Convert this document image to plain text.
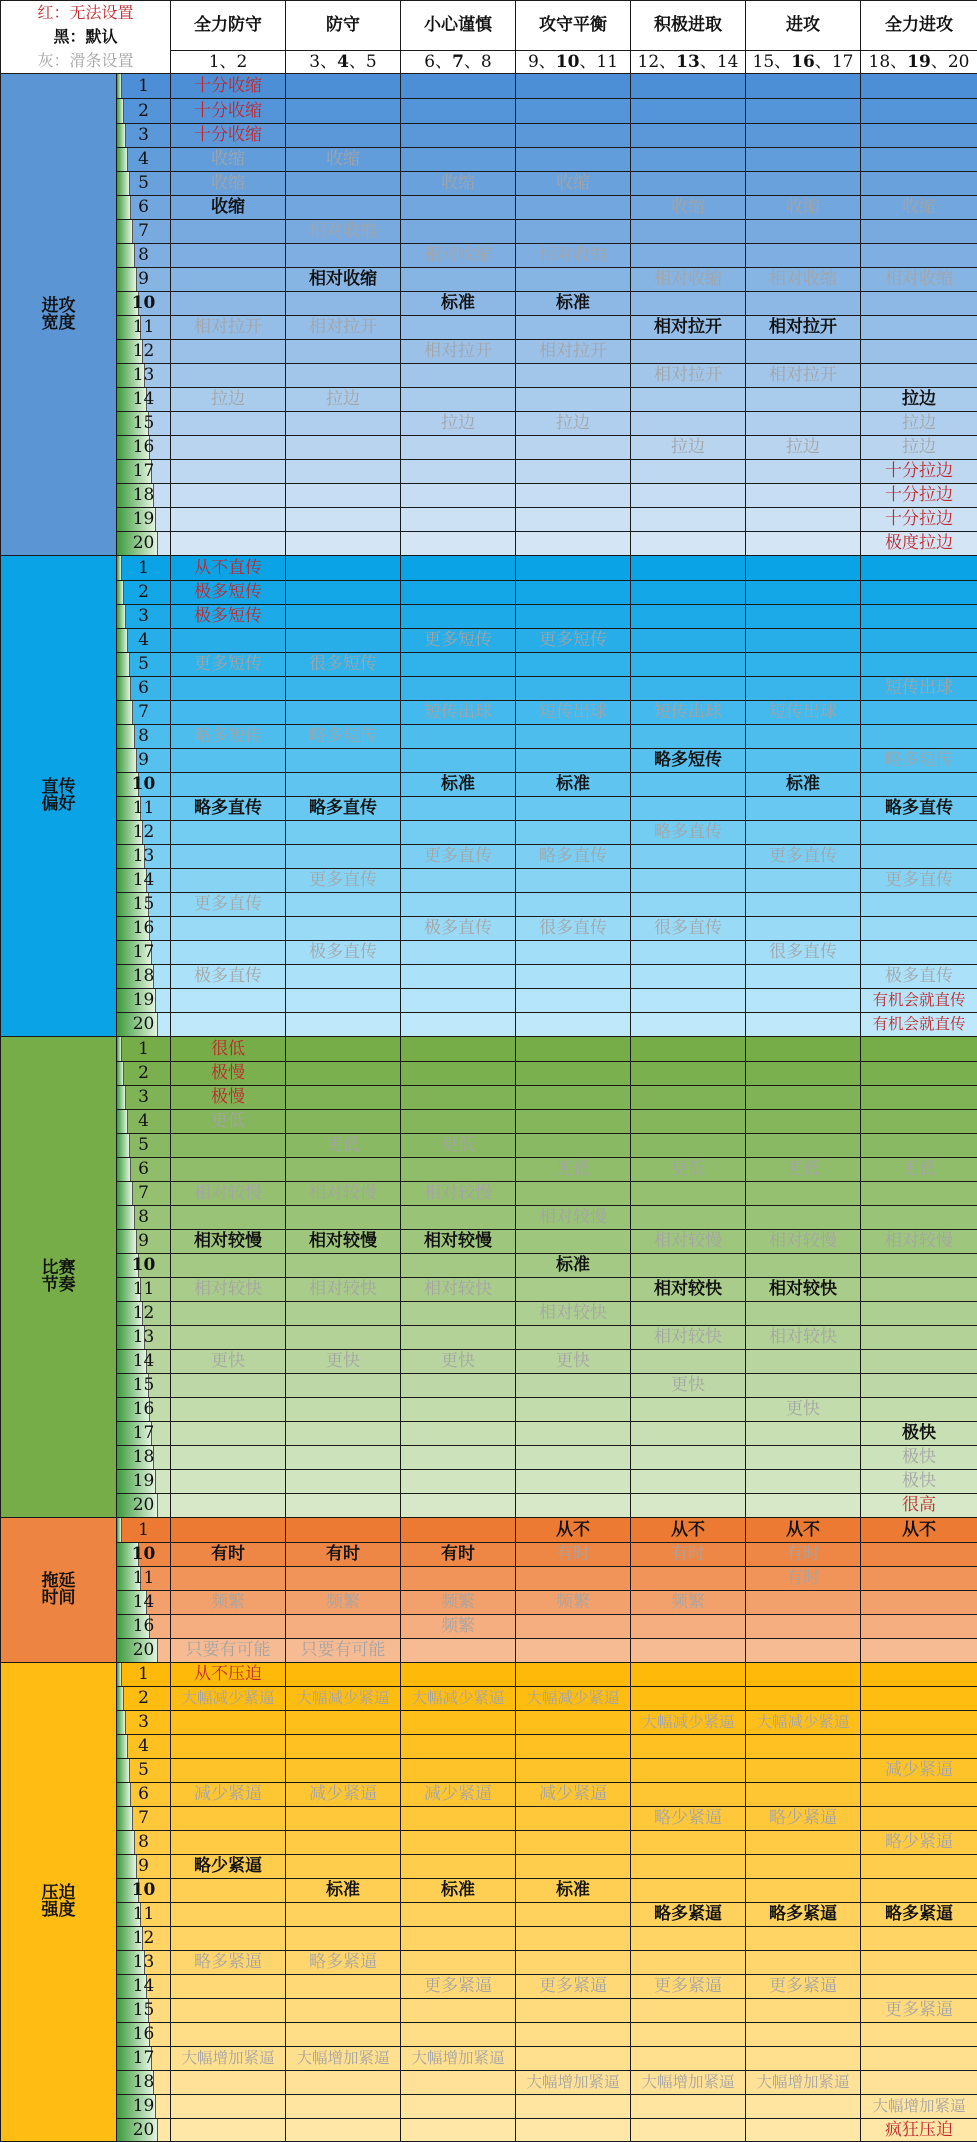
红：无法设置
黑：默认
灰：滑条设置		全力防守	防守	小心谨慎	攻守平衡	积极进取	进攻	全力进攻
		1、2	3、4、5	6、7、8	9、10、11	12、13、14	15、16、17	18、19、20

进攻
宽度	1	十分收缩						

2	十分收缩						

3	十分收缩						

4	收缩	收缩					

5	收缩		收缩	收缩			

6	收缩				收缩	收缩	收缩

7		相对收缩					

8			相对收缩	相对收缩			

9		相对收缩			相对收缩	相对收缩	相对收缩

10			标准	标准			

11	相对拉开	相对拉开			相对拉开	相对拉开	

12			相对拉开	相对拉开			

13					相对拉开	相对拉开	

14	拉边	拉边					拉边

15			拉边	拉边			拉边

16					拉边	拉边	拉边

17							十分拉边

18							十分拉边

19							十分拉边

20							极度拉边

直传
偏好	1	从不直传						

2	极多短传						

3	极多短传						

4			更多短传	更多短传			

5	更多短传	很多短传					

6							短传出球

7			短传出球	短传出球	短传出球	短传出球	

8	略多短传	略多短传					

9					略多短传		略多短传

10			标准	标准		标准	

11	略多直传	略多直传					略多直传

12					略多直传		

13			更多直传	略多直传		更多直传	

14		更多直传					更多直传

15	更多直传						

16			极多直传	很多直传	很多直传		

17		极多直传				很多直传	

18	极多直传						极多直传

19							有机会就直传

20							有机会就直传

比赛
节奏	1	很低						

2	极慢						

3	极慢						

4	更低						

5		更低	更低				

6				更低	更低	更低	更低

7	相对较慢	相对较慢	相对较慢				

8				相对较慢			

9	相对较慢	相对较慢	相对较慢		相对较慢	相对较慢	相对较慢

10				标准			

11	相对较快	相对较快	相对较快		相对较快	相对较快	

12				相对较快			

13					相对较快	相对较快	

14	更快	更快	更快	更快			

15					更快		

16						更快	

17							极快

18							极快

19							极快

20							很高

拖延
时间	1				从不	从不	从不	从不

10	有时	有时	有时	有时	有时	有时	

11						有时	

14	频繁	频繁	频繁	频繁	频繁		

16			频繁				

20	只要有可能	只要有可能					

压迫
强度	1	从不压迫						

2	大幅减少紧逼	大幅减少紧逼	大幅减少紧逼	大幅减少紧逼			

3					大幅减少紧逼	大幅减少紧逼	

4							

5							减少紧逼

6	减少紧逼	减少紧逼	减少紧逼	减少紧逼			

7					略少紧逼	略少紧逼	

8							略少紧逼

9	略少紧逼						

10		标准	标准	标准			

11					略多紧逼	略多紧逼	略多紧逼

12							

13	略多紧逼	略多紧逼					

14			更多紧逼	更多紧逼	更多紧逼	更多紧逼	

15							更多紧逼

16							

17	大幅增加紧逼	大幅增加紧逼	大幅增加紧逼				

18				大幅增加紧逼	大幅增加紧逼	大幅增加紧逼	

19							大幅增加紧逼

20							疯狂压迫
